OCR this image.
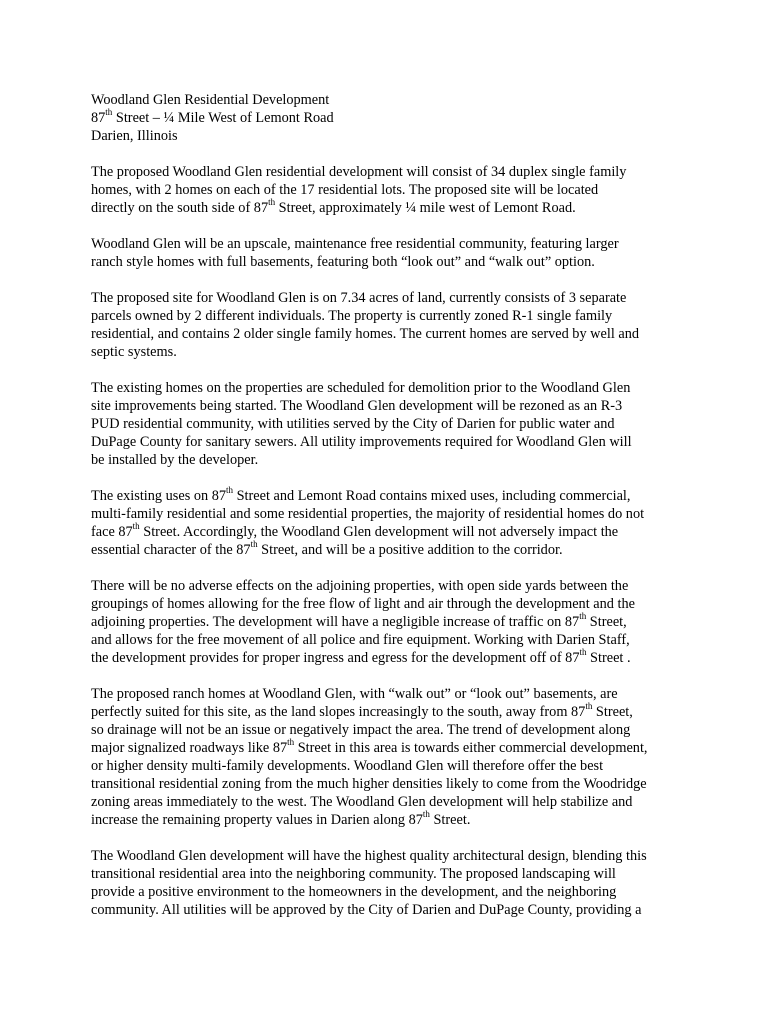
Woodland Glen Residential Development
87th Street – ¼ Mile West of Lemont Road
Darien, Illinois
The proposed Woodland Glen residential development will consist of 34 duplex single family
homes, with 2 homes on each of the 17 residential lots. The proposed site will be located
directly on the south side of 87th Street, approximately ¼ mile west of Lemont Road.
Woodland Glen will be an upscale, maintenance free residential community, featuring larger
ranch style homes with full basements, featuring both “look out” and “walk out” option.
The proposed site for Woodland Glen is on 7.34 acres of land, currently consists of 3 separate
parcels owned by 2 different individuals. The property is currently zoned R-1 single family
residential, and contains 2 older single family homes. The current homes are served by well and
septic systems.
The existing homes on the properties are scheduled for demolition prior to the Woodland Glen
site improvements being started. The Woodland Glen development will be rezoned as an R-3
PUD residential community, with utilities served by the City of Darien for public water and
DuPage County for sanitary sewers. All utility improvements required for Woodland Glen will
be installed by the developer.
The existing uses on 87th Street and Lemont Road contains mixed uses, including commercial,
multi-family residential and some residential properties, the majority of residential homes do not
face 87th Street. Accordingly, the Woodland Glen development will not adversely impact the
essential character of the 87th Street, and will be a positive addition to the corridor.
There will be no adverse effects on the adjoining properties, with open side yards between the
groupings of homes allowing for the free flow of light and air through the development and the
adjoining properties. The development will have a negligible increase of traffic on 87th Street,
and allows for the free movement of all police and fire equipment. Working with Darien Staff,
the development provides for proper ingress and egress for the development off of 87th Street .
The proposed ranch homes at Woodland Glen, with “walk out” or “look out” basements, are
perfectly suited for this site, as the land slopes increasingly to the south, away from 87th Street,
so drainage will not be an issue or negatively impact the area. The trend of development along
major signalized roadways like 87th Street in this area is towards either commercial development,
or higher density multi-family developments. Woodland Glen will therefore offer the best
transitional residential zoning from the much higher densities likely to come from the Woodridge
zoning areas immediately to the west. The Woodland Glen development will help stabilize and
increase the remaining property values in Darien along 87th Street.
The Woodland Glen development will have the highest quality architectural design, blending this
transitional residential area into the neighboring community. The proposed landscaping will
provide a positive environment to the homeowners in the development, and the neighboring
community. All utilities will be approved by the City of Darien and DuPage County, providing a
